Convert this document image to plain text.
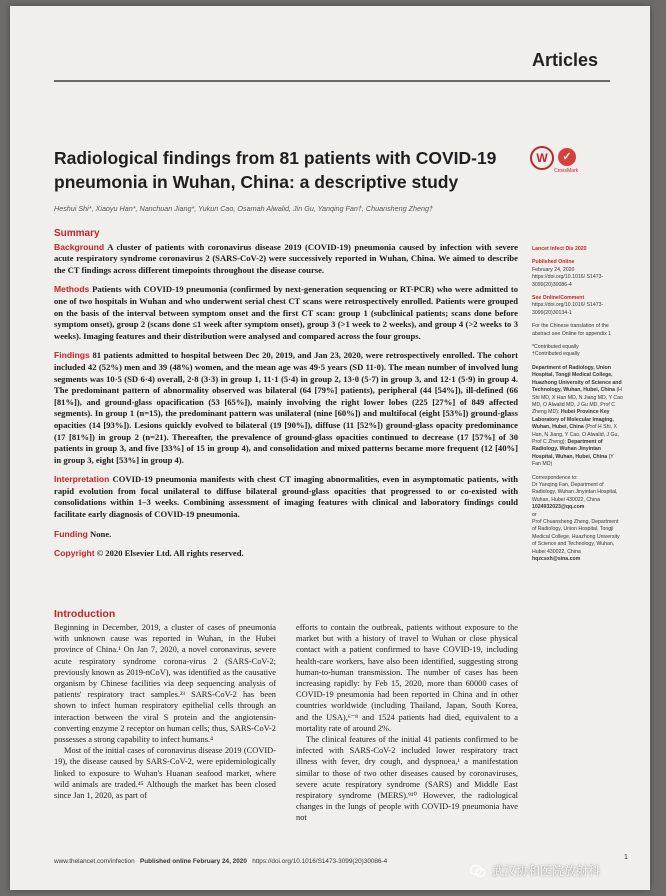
Articles
Radiological findings from 81 patients with COVID-19 pneumonia in Wuhan, China: a descriptive study
W	✓
CrossMark
Heshui Shi*, Xiaoyu Han*, Nanchuan Jiang*, Yukun Cao, Osamah Alwalid, Jin Gu, Yanqing Fan†, Chuansheng Zheng†
Summary

Background A cluster of patients with coronavirus disease 2019 (COVID-19) pneumonia caused by infection with severe acute respiratory syndrome coronavirus 2 (SARS-CoV-2) were successively reported in Wuhan, China. We aimed to describe the CT findings across different timepoints throughout the disease course.

Methods Patients with COVID-19 pneumonia (confirmed by next-generation sequencing or RT-PCR) who were admitted to one of two hospitals in Wuhan and who underwent serial chest CT scans were retrospectively enrolled. Patients were grouped on the basis of the interval between symptom onset and the first CT scan: group 1 (subclinical patients; scans done before symptom onset), group 2 (scans done ≤1 week after symptom onset), group 3 (>1 week to 2 weeks), and group 4 (>2 weeks to 3 weeks). Imaging features and their distribution were analysed and compared across the four groups.

Findings 81 patients admitted to hospital between Dec 20, 2019, and Jan 23, 2020, were retrospectively enrolled. The cohort included 42 (52%) men and 39 (48%) women, and the mean age was 49·5 years (SD 11·0). The mean number of involved lung segments was 10·5 (SD 6·4) overall, 2·8 (3·3) in group 1, 11·1 (5·4) in group 2, 13·0 (5·7) in group 3, and 12·1 (5·9) in group 4. The predominant pattern of abnormality observed was bilateral (64 [79%] patients), peripheral (44 [54%]), ill-defined (66 [81%]), and ground-glass opacification (53 [65%]), mainly involving the right lower lobes (225 [27%] of 849 affected segments). In group 1 (n=15), the predominant pattern was unilateral (nine [60%]) and multifocal (eight [53%]) ground-glass opacities (14 [93%]). Lesions quickly evolved to bilateral (19 [90%]), diffuse (11 [52%]) ground-glass opacity predominance (17 [81%]) in group 2 (n=21). Thereafter, the prevalence of ground-glass opacities continued to decrease (17 [57%] of 30 patients in group 3, and five [33%] of 15 in group 4), and consolidation and mixed patterns became more frequent (12 [40%] in group 3, eight [53%] in group 4).

Interpretation COVID-19 pneumonia manifests with chest CT imaging abnormalities, even in asymptomatic patients, with rapid evolution from focal unilateral to diffuse bilateral ground-glass opacities that progressed to or co-existed with consolidations within 1–3 weeks. Combining assessment of imaging features with clinical and laboratory findings could facilitate early diagnosis of COVID-19 pneumonia.

Funding None.

Copyright © 2020 Elsevier Ltd. All rights reserved.

Introduction

Beginning in December, 2019, a cluster of cases of pneumonia with unknown cause was reported in Wuhan, in the Hubei province of China.¹ On Jan 7, 2020, a novel coronavirus, severe acute respiratory syndrome corona-virus 2 (SARS-CoV-2; previously known as 2019-nCoV), was identified as the causative organism by Chinese facilities via deep sequencing analysis of patients' respiratory tract samples.²³ SARS-CoV-2 has been shown to infect human respiratory epithelial cells through an interaction between the viral S protein and the angiotensin-converting enzyme 2 receptor on human cells; thus, SARS-CoV-2 possesses a strong capability to infect humans.⁴

Most of the initial cases of coronavirus disease 2019 (COVID-19), the disease caused by SARS-CoV-2, were epidemiologically linked to exposure to Wuhan's Huanan seafood market, where wild animals are traded.⁴⁵ Although the market has been closed since Jan 1, 2020, as part of

efforts to contain the outbreak, patients without exposure to the market but with a history of travel to Wuhan or close physical contact with a patient confirmed to have COVID-19, including health-care workers, have also been identified, suggesting strong human-to-human transmission. The number of cases has been increasing rapidly: by Feb 15, 2020, more than 60000 cases of COVID-19 pneumonia had been reported in China and in other countries worldwide (including Thailand, Japan, South Korea, and the USA),⁶⁻⁸ and 1524 patients had died, equivalent to a mortality rate of around 2%.

The clinical features of the initial 41 patients confirmed to be infected with SARS-CoV-2 included lower respiratory tract illness with fever, dry cough, and dyspnoea,¹ a manifestation similar to those of two other diseases caused by coronaviruses, severe acute respiratory syndrome (SARS) and Middle East respiratory syndrome (MERS).⁹¹⁰ However, the radiological changes in the lungs of people with COVID-19 pneumonia have not

Lancet Infect Dis 2020
Published Online
February 24, 2020 https://doi.org/10.1016/ S1473-3099(20)30086-4
See Online/Comment
https://doi.org/10.1016/ S1473-3099(20)30134-1
For the Chinese translation of the abstract see Online for appendix 1
*Contributed equally
†Contributed equally
Department of Radiology, Union Hospital, Tongji Medical College, Huazhong University of Science and Technology, Wuhan, Hubei, China (H Shi MD, X Han MD, N Jiang MD, Y Cao MD, O Alwalid MD, J Gu MD, Prof C Zheng MD); Hubei Province Key Laboratory of Molecular Imaging, Wuhan, Hubei, China (Prof H Shi, X Han, N Jiang, Y Cao, O Alwalid, J Gu, Prof C Zheng); Department of Radiology, Wuhan Jinyintan Hospital, Wuhan, Hubei, China (Y Fan MD)
Correspondence to:
Dr Yanqing Fan, Department of Radiology, Wuhan Jinyintan Hospital, Wuhan, Hubei 430022, China
1024932023@qq.com
or
Prof Chuansheng Zheng, Department of Radiology, Union Hospital, Tongji Medical College, Huazhong University of Science and Technology, Wuhan, Hubei 430022, China
hqzcsxh@sina.com
www.thelancet.com/infection Published online February 24, 2020 https://doi.org/10.1016/S1473-3099(20)30086-4
1
武汉协和医院放射科
